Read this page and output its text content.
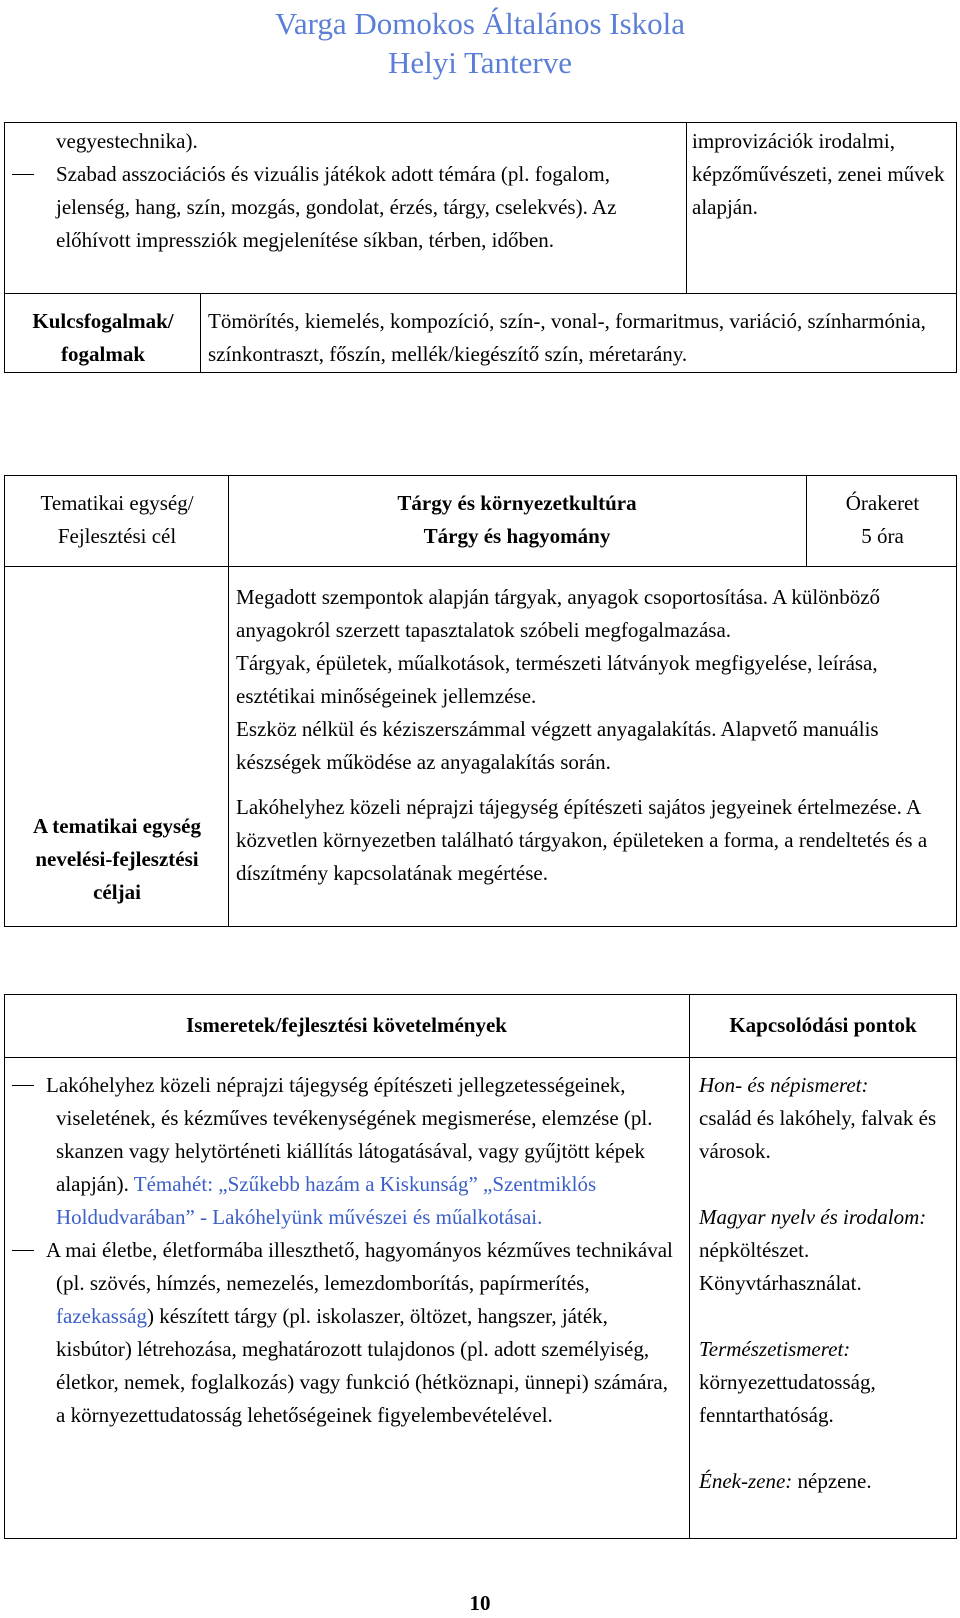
Varga Domokos Általános Iskola
Helyi Tanterve

vegyestechnika).

Szabad asszociációs és vizuális játékok adott témára (pl. fogalom, jelenség, hang, szín, mozgás, gondolat, érzés, tárgy, cselekvés). Az előhívott impressziók megjelenítése síkban, térben, időben.
improvizációk irodalmi, képzőművészeti, zenei művek alapján.
Kulcsfogalmak/ fogalmak
Tömörítés, kiemelés, kompozíció, szín-, vonal-, formaritmus, variáció, színharmónia, színkontraszt, főszín, mellék/kiegészítő szín, méretarány.
Tematikai egység/ Fejlesztési cél
Tárgy és környezetkultúra
Tárgy és hagyomány
Órakeret
5 óra
A tematikai egység nevelési-fejlesztési céljai

Megadott szempontok alapján tárgyak, anyagok csoportosítása. A különböző anyagokról szerzett tapasztalatok szóbeli megfogalmazása.

Tárgyak, épületek, műalkotások, természeti látványok megfigyelése, leírása, esztétikai minőségeinek jellemzése.

Eszköz nélkül és kéziszerszámmal végzett anyagalakítás. Alapvető manuális készségek működése az anyagalakítás során.

Lakóhelyhez közeli néprajzi tájegység építészeti sajátos jegyeinek értelmezése. A közvetlen környezetben található tárgyakon, épületeken a forma, a rendeltetés és a díszítmény kapcsolatának megértése.

Ismeretek/fejlesztési követelmények	Kapcsolódási pontok
Lakóhelyhez közeli néprajzi tájegység építészeti jellegzetességeinek, viseletének, és kézműves tevékenységének megismerése, elemzése (pl. skanzen vagy helytörténeti kiállítás látogatásával, vagy gyűjtött képek alapján). Témahét: „Szűkebb hazám a Kiskunság” „Szentmiklós Holdudvarában” - Lakóhelyünk művészei és műalkotásai.
A mai életbe, életformába illeszthető, hagyományos kézműves technikával (pl. szövés, hímzés, nemezelés, lemezdomborítás, papírmerítés, fazekasság) készített tárgy (pl. iskolaszer, öltözet, hangszer, játék, kisbútor) létrehozása, meghatározott tulajdonos (pl. adott személyiség, életkor, nemek, foglalkozás) vagy funkció (hétköznapi, ünnepi) számára, a környezettudatosság lehetőségeinek figyelembevételével.

Hon- és népismeret:
család és lakóhely, falvak és városok.

Magyar nyelv és irodalom: népköltészet. Könyvtárhasználat.

Természetismeret:
környezettudatosság, fenntarthatóság.

Ének-zene: népzene.

10
